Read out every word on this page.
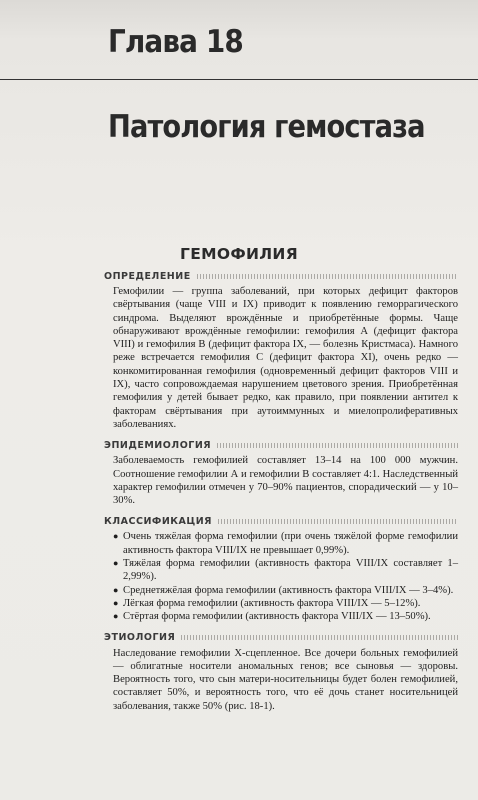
Глава 18
Патология гемостаза
ГЕМОФИЛИЯ
ОПРЕДЕЛЕНИЕ

Гемофилии — группа заболеваний, при которых дефицит факторов свёртывания (чаще VIII и IX) приводит к появлению геморрагического синдрома. Выделяют врождённые и приобретённые формы. Чаще обнаруживают врождённые гемофилии: гемофилия А (дефицит фактора VIII) и гемофилия В (дефицит фактора IX, — болезнь Кристмаса). Намного реже встречается гемофилия С (дефицит фактора XI), очень редко — конкомитированная гемофилия (одновременный дефицит факторов VIII и IX), часто сопровождаемая нарушением цветового зрения. Приобретённая гемофилия у детей бывает редко, как правило, при появлении антител к факторам свёртывания при аутоиммунных и миелопролиферативных заболеваниях.

ЭПИДЕМИОЛОГИЯ

Заболеваемость гемофилией составляет 13–14 на 100 000 мужчин. Соотношение гемофилии А и гемофилии В составляет 4:1. Наследственный характер гемофилии отмечен у 70–90% пациентов, спорадический — у 10–30%.

КЛАССИФИКАЦИЯ
● Очень тяжёлая форма гемофилии (при очень тяжёлой форме гемофилии активность фактора VIII/IX не превышает 0,99%).
● Тяжёлая форма гемофилии (активность фактора VIII/IX составляет 1–2,99%).
● Среднетяжёлая форма гемофилии (активность фактора VIII/IX — 3–4%).
● Лёгкая форма гемофилии (активность фактора VIII/IX — 5–12%).
● Стёртая форма гемофилии (активность фактора VIII/IX — 13–50%).
ЭТИОЛОГИЯ

Наследование гемофилии Х-сцепленное. Все дочери больных гемофилией — облигатные носители аномальных генов; все сыновья — здоровы. Вероятность того, что сын матери-носительницы будет болен гемофилией, составляет 50%, и вероятность того, что её дочь станет носительницей заболевания, также 50% (рис. 18-1).
